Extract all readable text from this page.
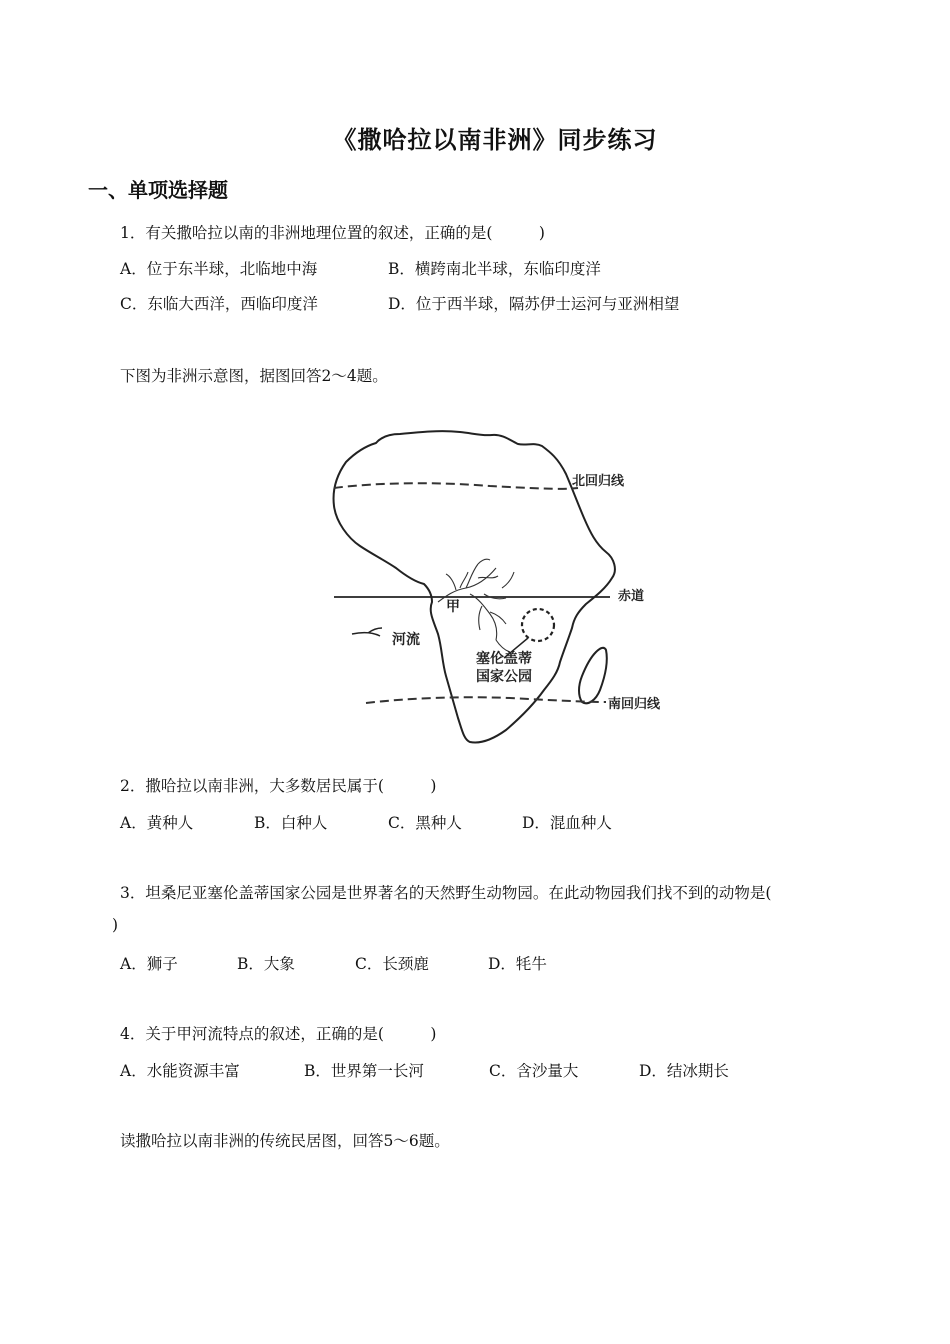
《撒哈拉以南非洲》同步练习
一、单项选择题
1．有关撒哈拉以南的非洲地理位置的叙述，正确的是(　　　)
A．位于东半球，北临地中海	B．横跨南北半球，东临印度洋
C．东临大西洋，西临印度洋	D．位于西半球，隔苏伊士运河与亚洲相望
下图为非洲示意图，据图回答2～4题。
北回归线
赤道
南回归线
河流
甲
塞伦盖蒂
国家公园
2．撒哈拉以南非洲，大多数居民属于(　　　)
A．黄种人	B．白种人	C．黑种人	D．混血种人
3．坦桑尼亚塞伦盖蒂国家公园是世界著名的天然野生动物园。在此动物园我们找不到的动物是(
)
A．狮子	B．大象	C．长颈鹿	D．牦牛
4．关于甲河流特点的叙述，正确的是(　　　)
A．水能资源丰富	B．世界第一长河	C．含沙量大	D．结冰期长
读撒哈拉以南非洲的传统民居图，回答5～6题。
